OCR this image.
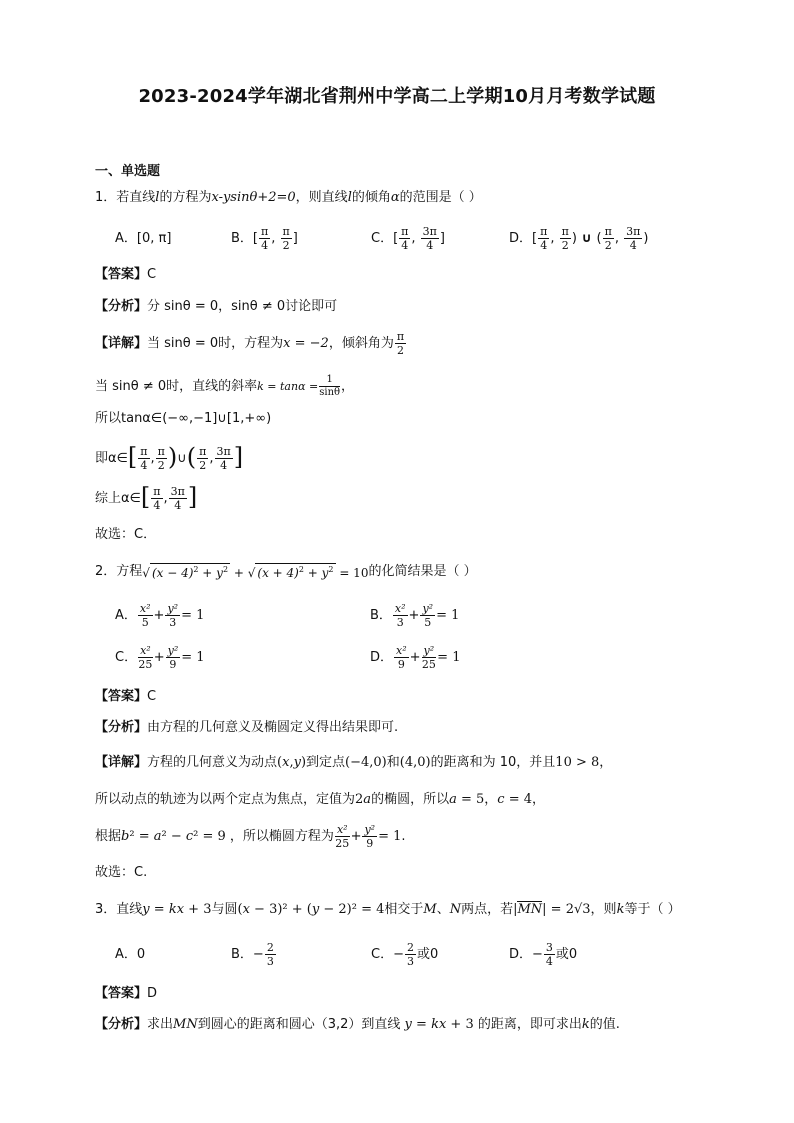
2023-2024学年湖北省荆州中学高二上学期10月月考数学试题
一、单选题
1．若直线l的方程为x-ysinθ+2=0，则直线l的倾角α的范围是（ ）
A．[0, π]	B．[ $\frac{\pi}{4}$ , $\frac{\pi}{2}$ ]	C．[ $\frac{\pi}{4}$ , $\frac{3\pi}{4}$ ]	D．[ $\frac{\pi}{4}$ , $\frac{\pi}{2}$ ) ∪ ( $\frac{\pi}{2}$ , $\frac{3\pi}{4}$ )
【答案】C
【分析】分 sinθ = 0，sinθ ≠ 0讨论即可
【详解】 当 sinθ = 0时，方程为 x = −2 ，倾斜角为 $\frac{\pi}{2}$
当 sinθ ≠ 0时，直线的斜率 $k = \tan\alpha = \frac{1}{\sin\theta}$ ，
所以tanα∈(−∞,−1]∪[1,+∞)
即α∈ [ $\frac{\pi}{4}$ , $\frac{\pi}{2}$ ) ∪ ( $\frac{\pi}{2}$ , $\frac{3\pi}{4}$ ]
综上α∈ [ $\frac{\pi}{4}$ , $\frac{3\pi}{4}$ ]
故选：C．
2．方程 √ $(x - 4)^2 + y^2$ + √ $(x + 4)^2 + y^2 = 10$ 的化简结果是（ ）
A． $\frac{\text{x²}}{5} + \frac{\text{y²}}{3} = 1$	B． $\frac{\text{x²}}{3} + \frac{\text{y²}}{5} = 1$
C． $\frac{\text{x²}}{25} + \frac{\text{y²}}{9} = 1$	D． $\frac{\text{x²}}{9} + \frac{\text{y²}}{25} = 1$
【答案】C
【分析】由方程的几何意义及椭圆定义得出结果即可.
【详解】方程的几何意义为动点(x,y)到定点(−4,0)和(4,0)的距离和为 10，并且10 > 8，
所以动点的轨迹为以两个定点为焦点，定值为2a的椭圆，所以a = 5，c = 4，
根据 b² = a² − c² = 9
，所以椭圆方程为 $\frac{\text{x²}}{25} + \frac{\text{y²}}{9} = 1$ .
故选：C.
3．直线y = kx + 3与圆(x − 3)² + (y − 2)² = 4相交于M、N两点，若|MN| = 2√3，则k等于（ ）
A．0	B．− $\frac{2}{3}$	C．− $\frac{2}{3}$ 或0	D．− $\frac{3}{4}$ 或0
【答案】D
【分析】求出MN到圆心的距离和圆心（3,2）到直线 y = kx + 3 的距离，即可求出k的值.
